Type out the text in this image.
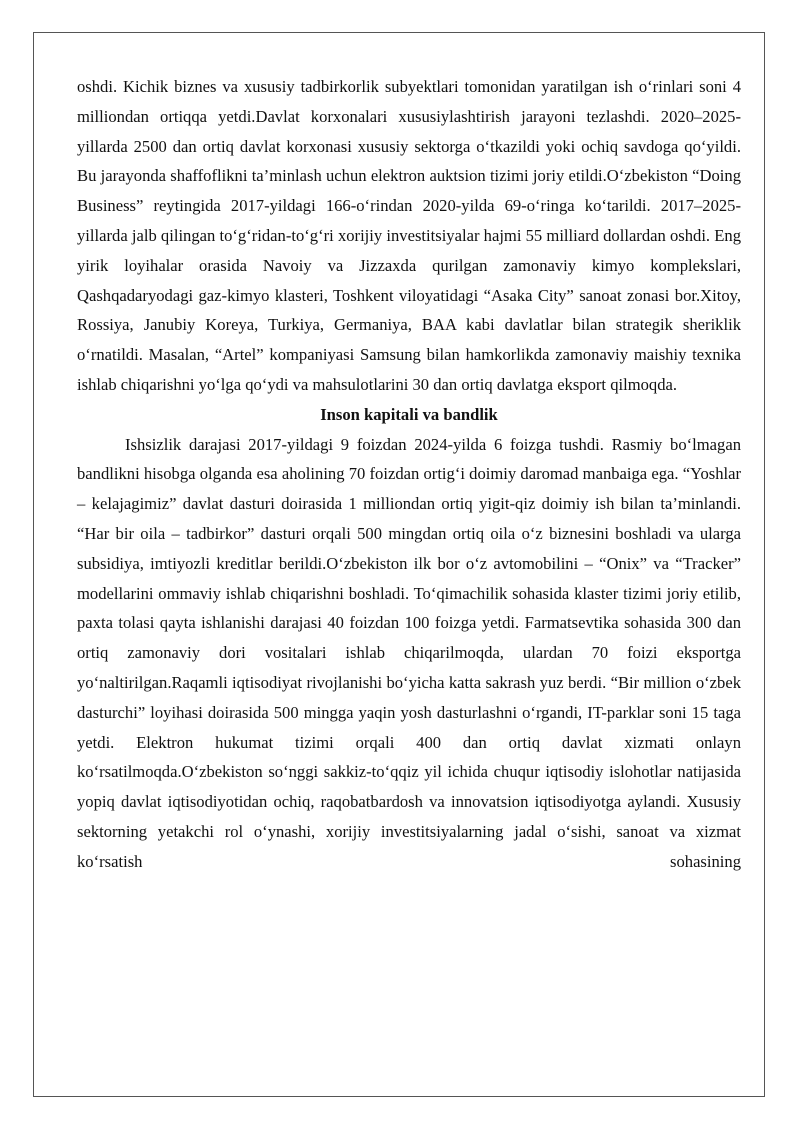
oshdi. Kichik biznes va xususiy tadbirkorlik subyektlari tomonidan yaratilgan ish o‘rinlari soni 4 milliondan ortiqqa yetdi.Davlat korxonalari xususiylashtirish jarayoni tezlashdi. 2020–2025-yillarda 2500 dan ortiq davlat korxonasi xususiy sektorga o‘tkazildi yoki ochiq savdoga qo‘yildi. Bu jarayonda shaffoflikni ta’minlash uchun elektron auktsion tizimi joriy etildi.O‘zbekiston “Doing Business” reytingida 2017-yildagi 166-o‘rindan 2020-yilda 69-o‘ringa ko‘tarildi. 2017–2025-yillarda jalb qilingan to‘g‘ridan-to‘g‘ri xorijiy investitsiyalar hajmi 55 milliard dollardan oshdi. Eng yirik loyihalar orasida Navoiy va Jizzaxda qurilgan zamonaviy kimyo komplekslari, Qashqadaryodagi gaz-kimyo klasteri, Toshkent viloyatidagi “Asaka City” sanoat zonasi bor.Xitoy, Rossiya, Janubiy Koreya, Turkiya, Germaniya, BAA kabi davlatlar bilan strategik sheriklik o‘rnatildi. Masalan, “Artel” kompaniyasi Samsung bilan hamkorlikda zamonaviy maishiy texnika ishlab chiqarishni yo‘lga qo‘ydi va mahsulotlarini 30 dan ortiq davlatga eksport qilmoqda.

Inson kapitali va bandlik

Ishsizlik darajasi 2017-yildagi 9 foizdan 2024-yilda 6 foizga tushdi. Rasmiy bo‘lmagan bandlikni hisobga olganda esa aholining 70 foizdan ortig‘i doimiy daromad manbaiga ega. “Yoshlar – kelajagimiz” davlat dasturi doirasida 1 milliondan ortiq yigit-qiz doimiy ish bilan ta’minlandi. “Har bir oila – tadbirkor” dasturi orqali 500 mingdan ortiq oila o‘z biznesini boshladi va ularga subsidiya, imtiyozli kreditlar berildi.O‘zbekiston ilk bor o‘z avtomobilini – “Onix” va “Tracker” modellarini ommaviy ishlab chiqarishni boshladi. To‘qimachilik sohasida klaster tizimi joriy etilib, paxta tolasi qayta ishlanishi darajasi 40 foizdan 100 foizga yetdi. Farmatsevtika sohasida 300 dan ortiq zamonaviy dori vositalari ishlab chiqarilmoqda, ulardan 70 foizi eksportga yo‘naltirilgan.Raqamli iqtisodiyat rivojlanishi bo‘yicha katta sakrash yuz berdi. “Bir million o‘zbek dasturchi” loyihasi doirasida 500 mingga yaqin yosh dasturlashni o‘rgandi, IT-parklar soni 15 taga yetdi. Elektron hukumat tizimi orqali 400 dan ortiq davlat xizmati onlayn ko‘rsatilmoqda.O‘zbekiston so‘nggi sakkiz-to‘qqiz yil ichida chuqur iqtisodiy islohotlar natijasida yopiq davlat iqtisodiyotidan ochiq, raqobatbardosh va innovatsion iqtisodiyotga aylandi. Xususiy sektorning yetakchi rol o‘ynashi, xorijiy investitsiyalarning jadal o‘sishi, sanoat va xizmat ko‘rsatish sohasining
